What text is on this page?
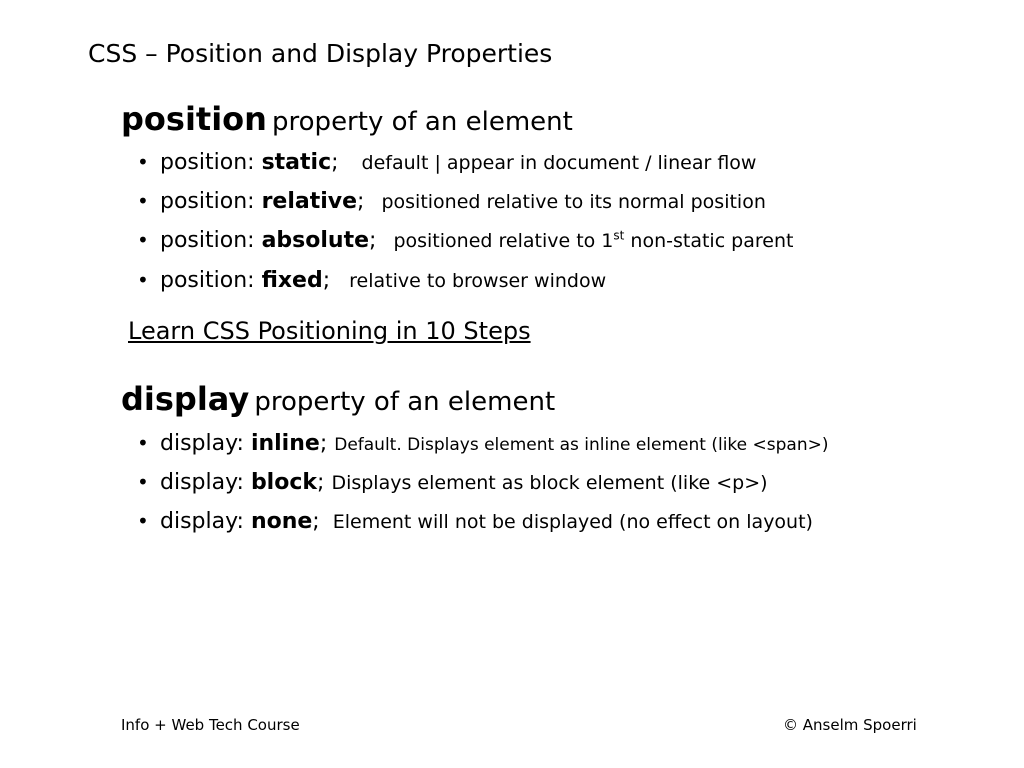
CSS – Position and Display Properties
position property of an element
• position: static; default | appear in document / linear flow
• position: relative; positioned relative to its normal position
• position: absolute; positioned relative to 1st non-static parent
• position: fixed; relative to browser window
Learn CSS Positioning in 10 Steps
display property of an element
• display: inline; Default. Displays element as inline element (like <span>)
• display: block; Displays element as block element (like <p>)
• display: none; Element will not be displayed (no effect on layout)
Info + Web Tech Course	© Anselm Spoerri
